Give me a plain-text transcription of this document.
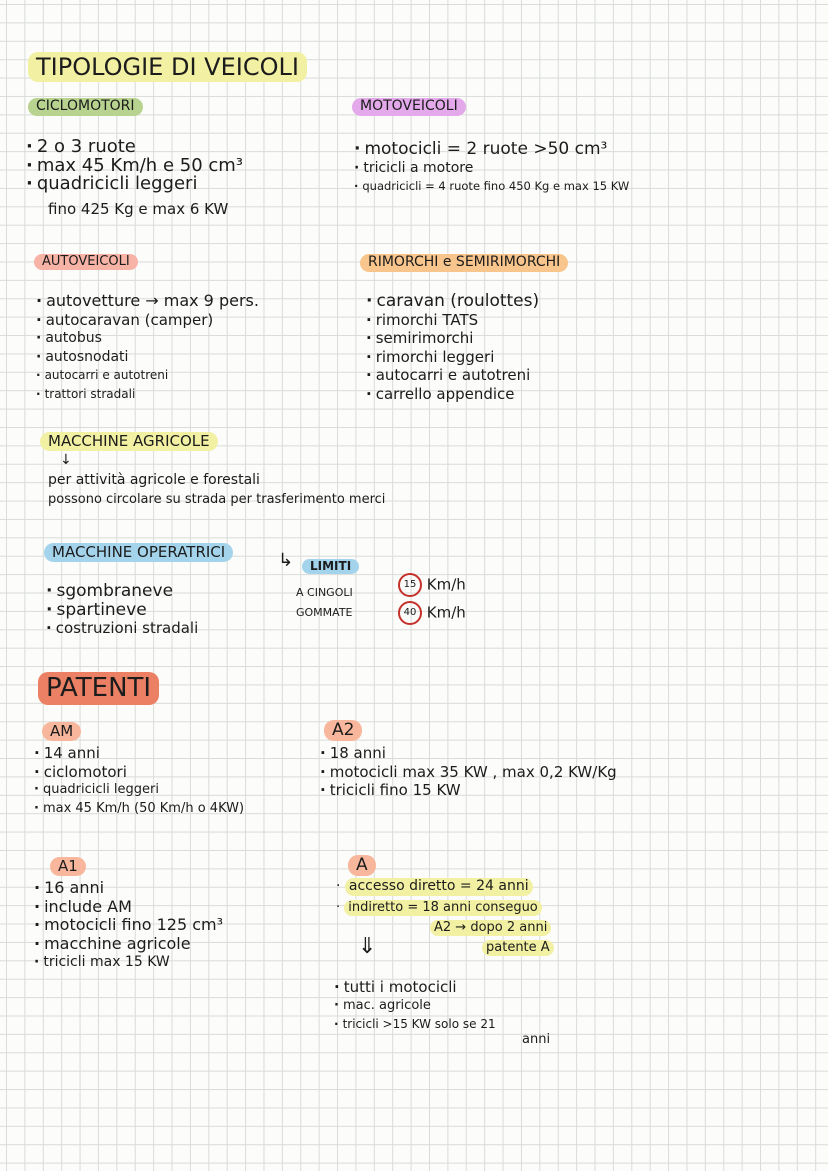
TIPOLOGIE DI VEICOLI
CICLOMOTORI
· 2 o 3 ruote
· max 45 Km/h e 50 cm³
· quadricicli leggeri
fino 425 Kg e max 6 KW
MOTOVEICOLI
· motocicli = 2 ruote >50 cm³
· tricicli a motore
· quadricicli = 4 ruote fino 450 Kg e max 15 KW
AUTOVEICOLI
· autovetture → max 9 pers.
· autocaravan (camper)
· autobus
· autosnodati
· autocarri e autotreni
· trattori stradali
RIMORCHI e SEMIRIMORCHI
· caravan (roulottes)
· rimorchi TATS
· semirimorchi
· rimorchi leggeri
· autocarri e autotreni
· carrello appendice
MACCHINE AGRICOLE
↓
per attività agricole e forestali
possono circolare su strada per trasferimento merci
MACCHINE OPERATRICI	↳
· sgombraneve
· spartineve
· costruzioni stradali
LIMITI
A CINGOLI
15 Km/h
GOMMATE	40 Km/h
PATENTI
AM
· 14 anni
· ciclomotori
· quadricicli leggeri
· max 45 Km/h (50 Km/h o 4KW)
A2
· 18 anni
· motocicli max 35 KW , max 0,2 KW/Kg
· tricicli fino 15 KW
A1
· 16 anni
· include AM
· motocicli fino 125 cm³
· macchine agricole
· tricicli max 15 KW
A
· accesso diretto = 24 anni
· indiretto = 18 anni conseguo
A2 → dopo 2 anni
patente A
⇓
· tutti i motocicli
· mac. agricole
· tricicli >15 KW solo se 21
anni
